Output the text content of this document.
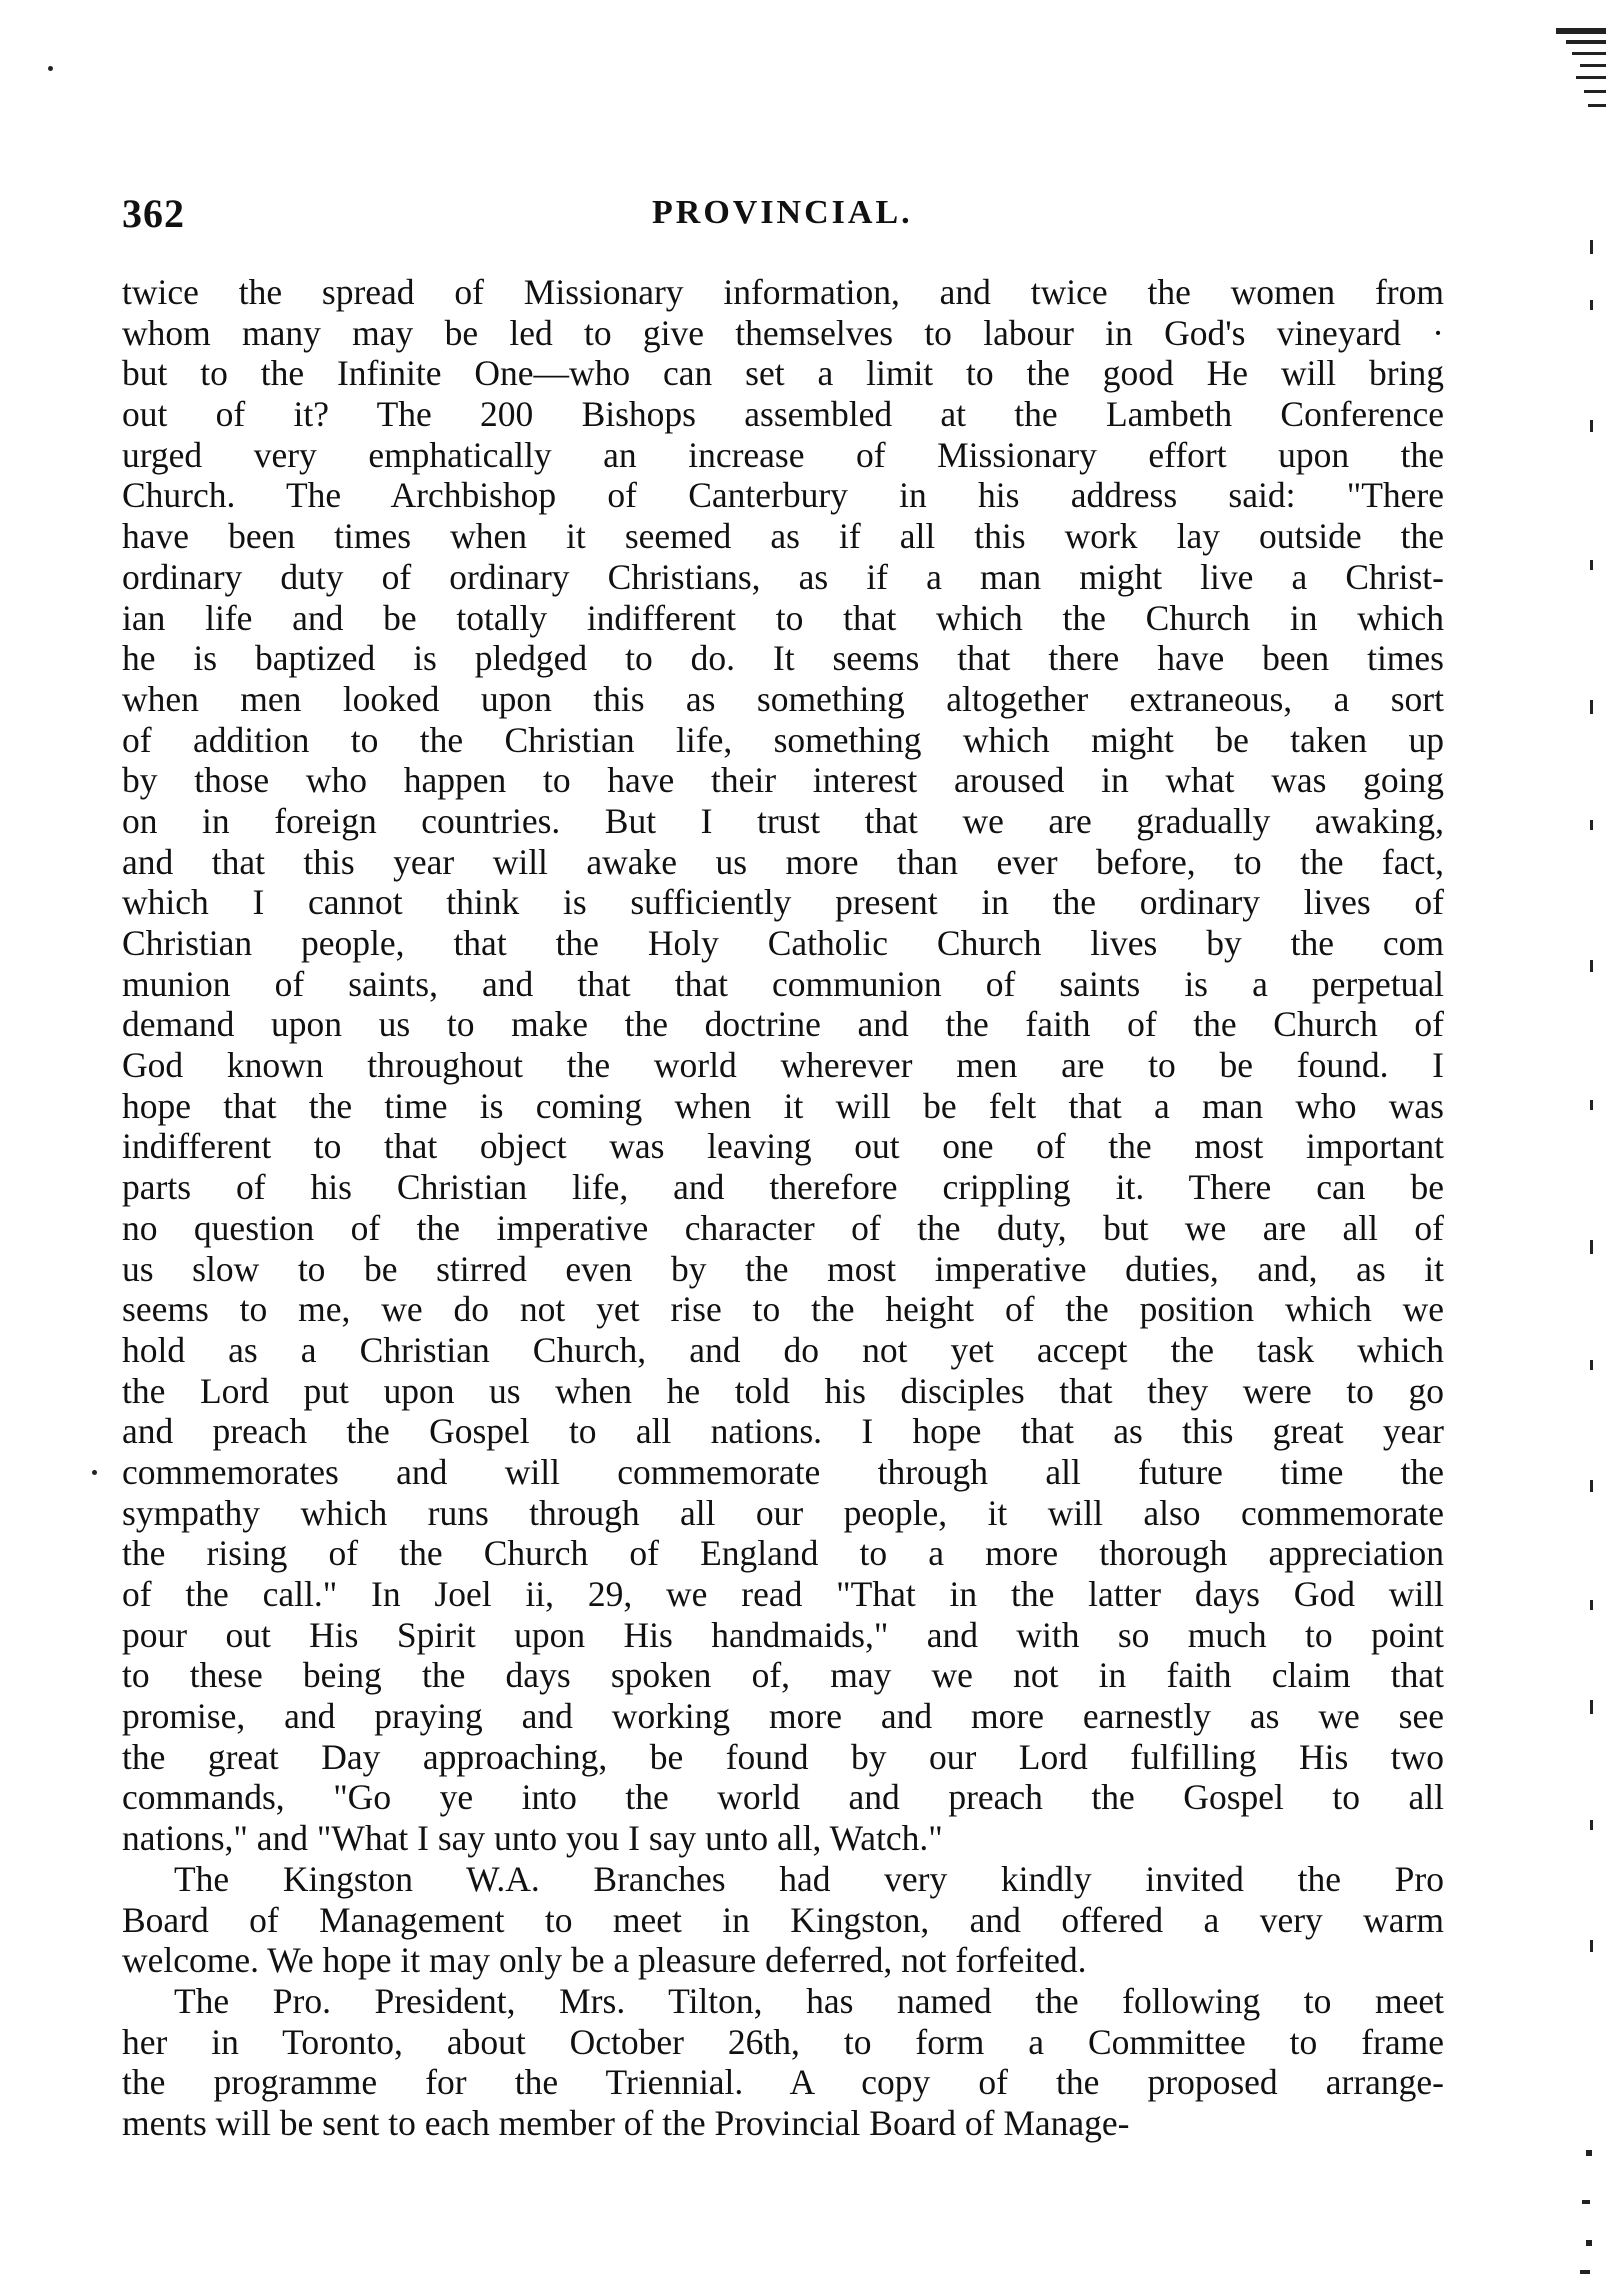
362	PROVINCIAL.
twice the spread of Missionary information, and twice the women from
whom many may be led to give themselves to labour in God's vineyard ·
but to the Infinite One—who can set a limit to the good He will bring
out of it? The 200 Bishops assembled at the Lambeth Conference
urged very emphatically an increase of Missionary effort upon the
Church. The Archbishop of Canterbury in his address said: "There
have been times when it seemed as if all this work lay outside the
ordinary duty of ordinary Christians, as if a man might live a Christ-
ian life and be totally indifferent to that which the Church in which
he is baptized is pledged to do. It seems that there have been times
when men looked upon this as something altogether extraneous, a sort
of addition to the Christian life, something which might be taken up
by those who happen to have their interest aroused in what was going
on in foreign countries. But I trust that we are gradually awaking,
and that this year will awake us more than ever before, to the fact,
which I cannot think is sufficiently present in the ordinary lives of
Christian people, that the Holy Catholic Church lives by the com
munion of saints, and that that communion of saints is a perpetual
demand upon us to make the doctrine and the faith of the Church of
God known throughout the world wherever men are to be found. I
hope that the time is coming when it will be felt that a man who was
indifferent to that object was leaving out one of the most important
parts of his Christian life, and therefore crippling it. There can be
no question of the imperative character of the duty, but we are all of
us slow to be stirred even by the most imperative duties, and, as it
seems to me, we do not yet rise to the height of the position which we
hold as a Christian Church, and do not yet accept the task which
the Lord put upon us when he told his disciples that they were to go
and preach the Gospel to all nations. I hope that as this great year
commemorates and will commemorate through all future time the
sympathy which runs through all our people, it will also commemorate
the rising of the Church of England to a more thorough appreciation
of the call." In Joel ii, 29, we read "That in the latter days God will
pour out His Spirit upon His handmaids," and with so much to point
to these being the days spoken of, may we not in faith claim that
promise, and praying and working more and more earnestly as we see
the great Day approaching, be found by our Lord fulfilling His two
commands, "Go ye into the world and preach the Gospel to all
nations," and "What I say unto you I say unto all, Watch."
The Kingston W.A. Branches had very kindly invited the Pro
Board of Management to meet in Kingston, and offered a very warm
welcome. We hope it may only be a pleasure deferred, not forfeited.
The Pro. President, Mrs. Tilton, has named the following to meet
her in Toronto, about October 26th, to form a Committee to frame
the programme for the Triennial. A copy of the proposed arrange-
ments will be sent to each member of the Provincial Board of Manage-
